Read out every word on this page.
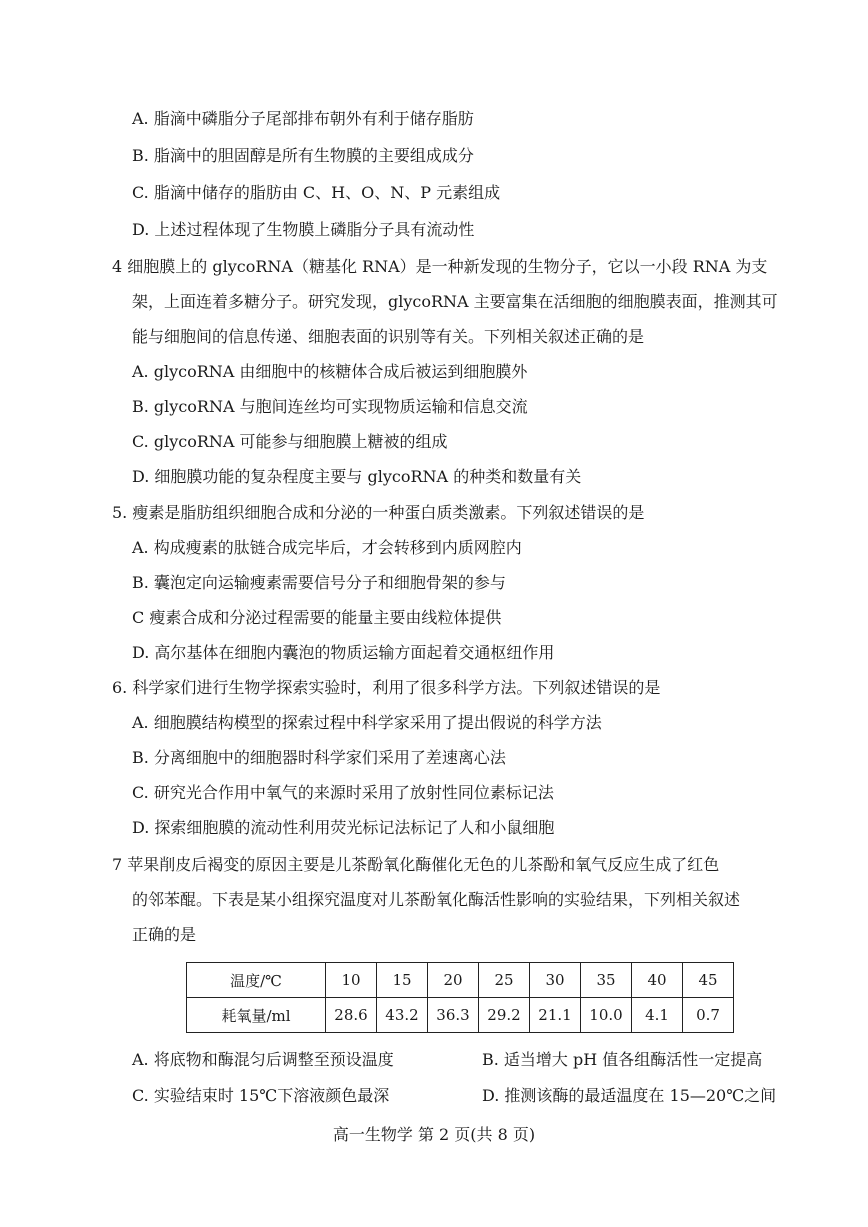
A. 脂滴中磷脂分子尾部排布朝外有利于储存脂肪
B. 脂滴中的胆固醇是所有生物膜的主要组成成分
C. 脂滴中储存的脂肪由 C、H、O、N、P 元素组成
D. 上述过程体现了生物膜上磷脂分子具有流动性
4 细胞膜上的 glycoRNA（糖基化 RNA）是一种新发现的生物分子，它以一小段 RNA 为支
架，上面连着多糖分子。研究发现，glycoRNA 主要富集在活细胞的细胞膜表面，推测其可
能与细胞间的信息传递、细胞表面的识别等有关。下列相关叙述正确的是
A. glycoRNA 由细胞中的核糖体合成后被运到细胞膜外
B. glycoRNA 与胞间连丝均可实现物质运输和信息交流
C. glycoRNA 可能参与细胞膜上糖被的组成
D. 细胞膜功能的复杂程度主要与 glycoRNA 的种类和数量有关
5. 瘦素是脂肪组织细胞合成和分泌的一种蛋白质类激素。下列叙述错误的是
A. 构成瘦素的肽链合成完毕后，才会转移到内质网腔内
B. 囊泡定向运输瘦素需要信号分子和细胞骨架的参与
C 瘦素合成和分泌过程需要的能量主要由线粒体提供
D. 高尔基体在细胞内囊泡的物质运输方面起着交通枢纽作用
6. 科学家们进行生物学探索实验时，利用了很多科学方法。下列叙述错误的是
A. 细胞膜结构模型的探索过程中科学家采用了提出假说的科学方法
B. 分离细胞中的细胞器时科学家们采用了差速离心法
C. 研究光合作用中氧气的来源时采用了放射性同位素标记法
D. 探索细胞膜的流动性利用荧光标记法标记了人和小鼠细胞
7 苹果削皮后褐变的原因主要是儿茶酚氧化酶催化无色的儿茶酚和氧气反应生成了红色
的邻苯醌。下表是某小组探究温度对儿茶酚氧化酶活性影响的实验结果，下列相关叙述
正确的是
温度/℃	10	15	20	25	30	35	40	45
耗氧量/ml	28.6	43.2	36.3	29.2	21.1	10.0	4.1	0.7
A. 将底物和酶混匀后调整至预设温度	B. 适当增大 pH 值各组酶活性一定提高
C. 实验结束时 15℃下溶液颜色最深	D. 推测该酶的最适温度在 15—20℃之间
高一生物学 第 2 页(共 8 页)
